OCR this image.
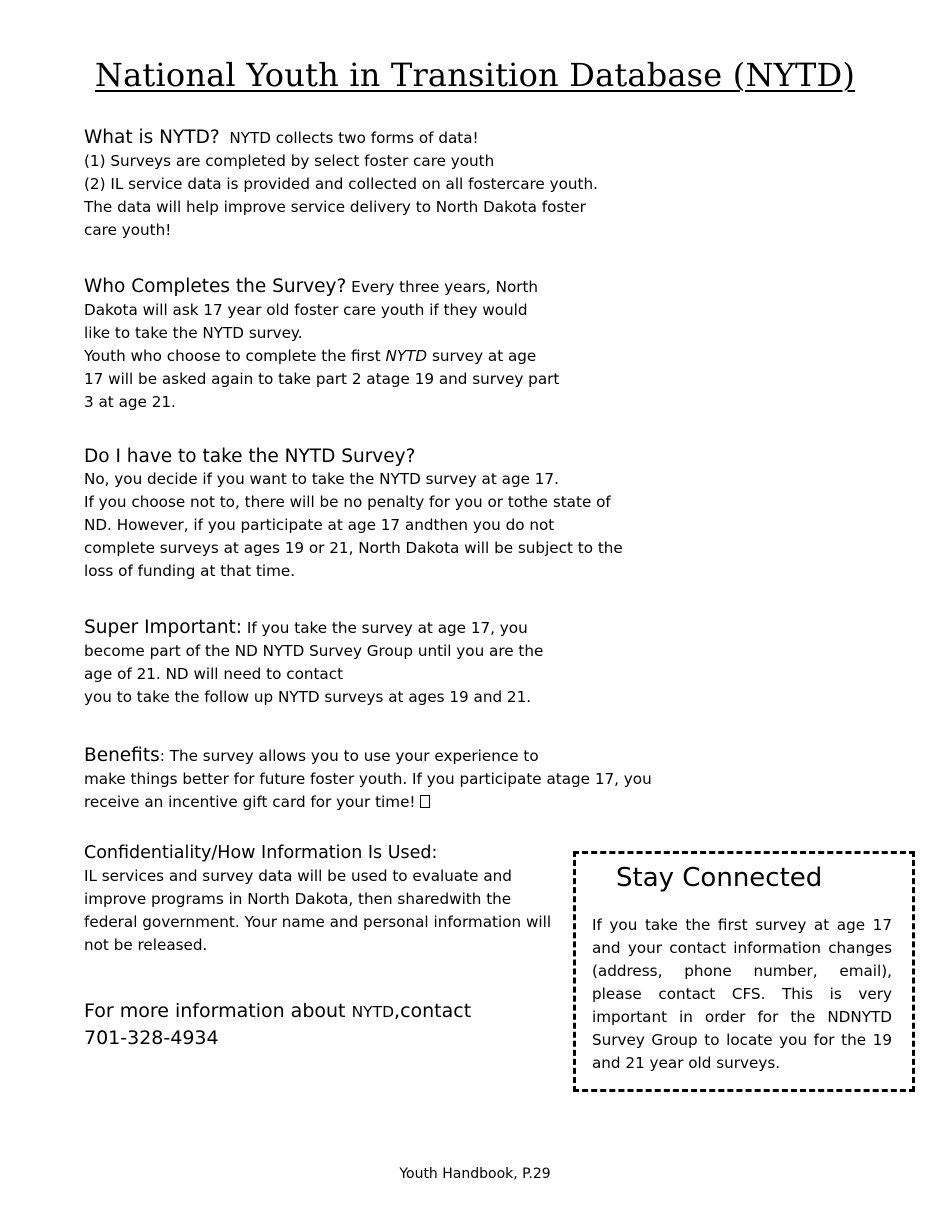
National Youth in Transition Database (NYTD)
What is NYTD? NYTD collects two forms of data!
(1) Surveys are completed by select foster care youth
(2) IL service data is provided and collected on all fostercare youth.
The data will help improve service delivery to North Dakota foster
care youth!
Who Completes the Survey? Every three years, North
Dakota will ask 17 year old foster care youth if they would
like to take the NYTD survey.
Youth who choose to complete the first NYTD survey at age
17 will be asked again to take part 2 atage 19 and survey part
3 at age 21.
Do I have to take the NYTD Survey?
No, you decide if you want to take the NYTD survey at age 17.
If you choose not to, there will be no penalty for you or tothe state of
ND. However, if you participate at age 17 andthen you do not
complete surveys at ages 19 or 21, North Dakota will be subject to the
loss of funding at that time.
Super Important: If you take the survey at age 17, you
become part of the ND NYTD Survey Group until you are the
age of 21. ND will need to contact
you to take the follow up NYTD surveys at ages 19 and 21.
Benefits: The survey allows you to use your experience to
make things better for future foster youth. If you participate atage 17, you
receive an incentive gift card for your time!
Confidentiality/How Information Is Used:
IL services and survey data will be used to evaluate and
improve programs in North Dakota, then sharedwith the
federal government. Your name and personal information will
not be released.
For more information about NYTD,contact
701-328-4934
Stay Connected
If you take the first survey at age 17 and your contact information changes (address, phone number, email), please contact CFS. This is very important in order for the NDNYTD Survey Group to locate you for the 19 and 21 year old surveys.
Youth Handbook, P.29
